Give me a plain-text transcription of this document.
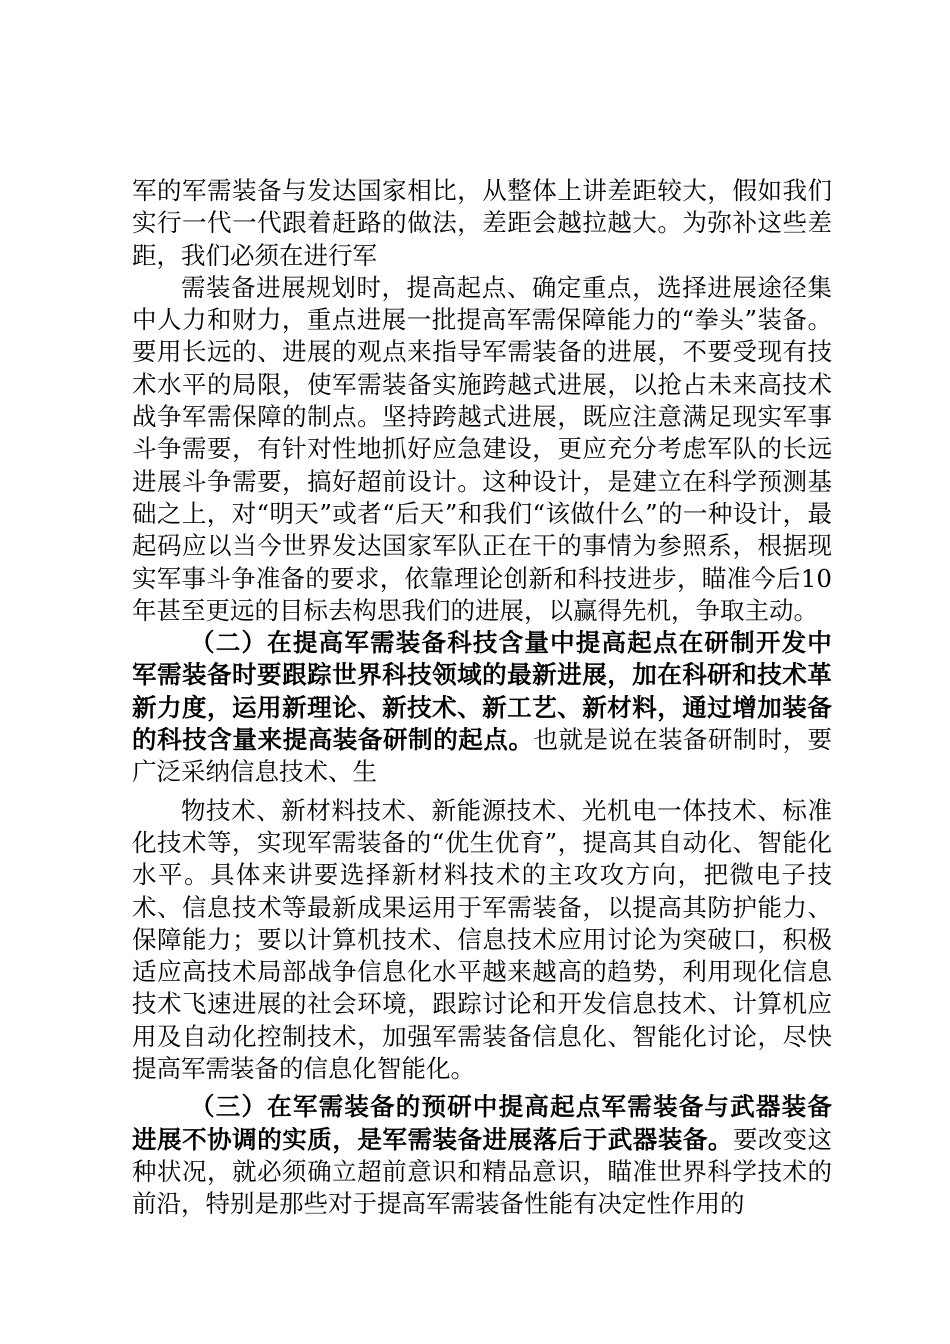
军的军需装备与发达国家相比，从整体上讲差距较大，假如我们实行一代一代跟着赶路的做法，差距会越拉越大。为弥补这些差距，我们必须在进行军

需装备进展规划时，提高起点、确定重点，选择进展途径集中人力和财力，重点进展一批提高军需保障能力的“拳头”装备。要用长远的、进展的观点来指导军需装备的进展，不要受现有技术水平的局限，使军需装备实施跨越式进展，以抢占未来高技术战争军需保障的制点。坚持跨越式进展，既应注意满足现实军事斗争需要，有针对性地抓好应急建设，更应充分考虑军队的长远进展斗争需要，搞好超前设计。这种设计，是建立在科学预测基础之上，对“明天”或者“后天”和我们“该做什么”的一种设计，最起码应以当今世界发达国家军队正在干的事情为参照系，根据现实军事斗争准备的要求，依靠理论创新和科技进步，瞄准今后10年甚至更远的目标去构思我们的进展，以赢得先机，争取主动。

（二）在提高军需装备科技含量中提高起点在研制开发中军需装备时要跟踪世界科技领域的最新进展，加在科研和技术革新力度，运用新理论、新技术、新工艺、新材料，通过增加装备的科技含量来提高装备研制的起点。也就是说在装备研制时，要广泛采纳信息技术、生

物技术、新材料技术、新能源技术、光机电一体技术、标准化技术等，实现军需装备的“优生优育”，提高其自动化、智能化水平。具体来讲要选择新材料技术的主攻攻方向，把微电子技术、信息技术等最新成果运用于军需装备，以提高其防护能力、保障能力；要以计算机技术、信息技术应用讨论为突破口，积极适应高技术局部战争信息化水平越来越高的趋势，利用现化信息技术飞速进展的社会环境，跟踪讨论和开发信息技术、计算机应用及自动化控制技术，加强军需装备信息化、智能化讨论，尽快提高军需装备的信息化智能化。

（三）在军需装备的预研中提高起点军需装备与武器装备进展不协调的实质，是军需装备进展落后于武器装备。要改变这种状况，就必须确立超前意识和精品意识，瞄准世界科学技术的前沿，特别是那些对于提高军需装备性能有决定性作用的
